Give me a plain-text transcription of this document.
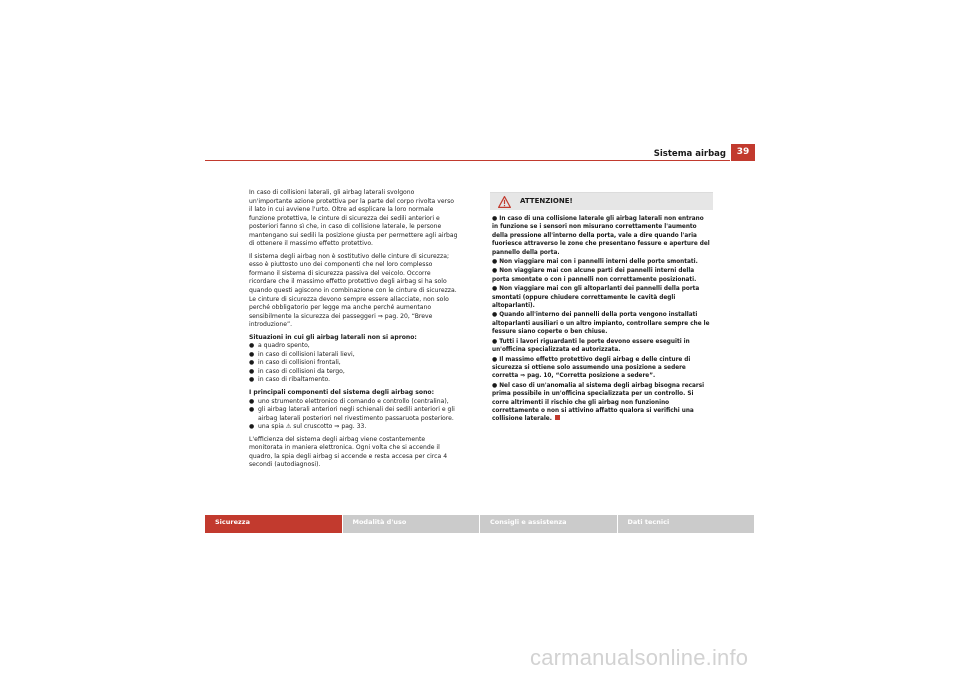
Sistema airbag	39

In caso di collisioni laterali, gli airbag laterali svolgono un'importante azione protettiva per la parte del corpo rivolta verso il lato in cui avviene l'urto. Oltre ad esplicare la loro normale funzione protettiva, le cinture di sicurezza dei sedili anteriori e posteriori fanno sì che, in caso di collisione laterale, le persone mantengano sui sedili la posizione giusta per permettere agli airbag di ottenere il massimo effetto protettivo.

Il sistema degli airbag non è sostitutivo delle cinture di sicurezza; esso è piuttosto uno dei componenti che nel loro complesso formano il sistema di sicurezza passiva del veicolo. Occorre ricordare che il massimo effetto protettivo degli airbag si ha solo quando questi agiscono in combinazione con le cinture di sicurezza. Le cinture di sicurezza devono sempre essere allacciate, non solo perché obbligatorio per legge ma anche perché aumentano sensibilmente la sicurezza dei passeggeri ⇒ pag. 20, “Breve introduzione”.

Situazioni in cui gli airbag laterali non si aprono:

● a quadro spento,
● in caso di collisioni laterali lievi,
● in caso di collisioni frontali,
● in caso di collisioni da tergo,
● in caso di ribaltamento.

I principali componenti del sistema degli airbag sono:

● uno strumento elettronico di comando e controllo (centralina),
● gli airbag laterali anteriori negli schienali dei sedili anteriori e gli airbag laterali posteriori nel rivestimento passaruota posteriore.
● una spia ⚠ sul cruscotto ⇒ pag. 33.

L'efficienza del sistema degli airbag viene costantemente monitorata in maniera elettronica. Ogni volta che si accende il quadro, la spia degli airbag si accende e resta accesa per circa 4 secondi (autodiagnosi).

ATTENZIONE!
● In caso di una collisione laterale gli airbag laterali non entrano in funzione se i sensori non misurano correttamente l'aumento della pressione all'interno della porta, vale a dire quando l'aria fuoriesce attraverso le zone che presentano fessure e aperture del pannello della porta.
● Non viaggiare mai con i pannelli interni delle porte smontati.
● Non viaggiare mai con alcune parti dei pannelli interni della porta smontate o con i pannelli non correttamente posizionati.
● Non viaggiare mai con gli altoparlanti dei pannelli della porta smontati (oppure chiudere correttamente le cavità degli altoparlanti).
● Quando all'interno dei pannelli della porta vengono installati altoparlanti ausiliari o un altro impianto, controllare sempre che le fessure siano coperte o ben chiuse.
● Tutti i lavori riguardanti le porte devono essere eseguiti in un'officina specializzata ed autorizzata.
● Il massimo effetto protettivo degli airbag e delle cinture di sicurezza si ottiene solo assumendo una posizione a sedere corretta ⇒ pag. 10, “Corretta posizione a sedere”.
● Nel caso di un'anomalia al sistema degli airbag bisogna recarsi prima possibile in un'officina specializzata per un controllo. Si corre altrimenti il rischio che gli airbag non funzionino correttamente o non si attivino affatto qualora si verifichi una collisione laterale.
Sicurezza	Modalità d'uso	Consigli e assistenza	Dati tecnici
carmanualsonline.info
